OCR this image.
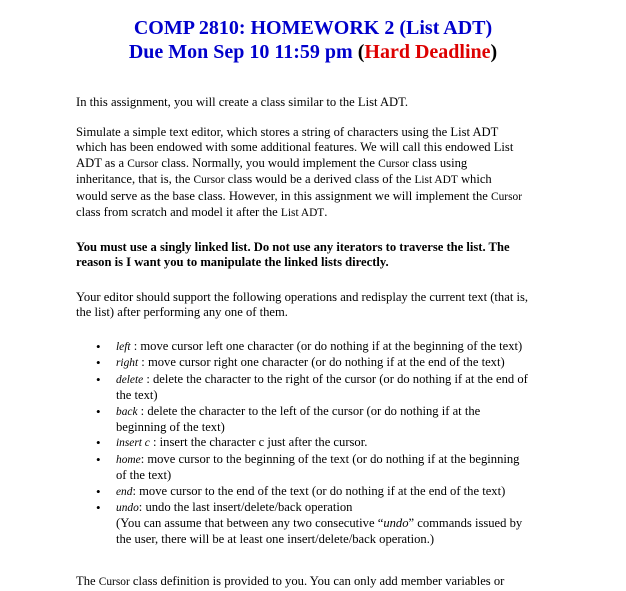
COMP 2810: HOMEWORK 2 (List ADT)
Due Mon Sep 10 11:59 pm (Hard Deadline)

In this assignment, you will create a class similar to the List ADT.

Simulate a simple text editor, which stores a string of characters using the List ADT
which has been endowed with some additional features. We will call this endowed List
ADT as a Cursor class. Normally, you would implement the Cursor class using
inheritance, that is, the Cursor class would be a derived class of the List ADT which
would serve as the base class. However, in this assignment we will implement the Cursor
class from scratch and model it after the List ADT.
You must use a singly linked list. Do not use any iterators to traverse the list. The
reason is I want you to manipulate the linked lists directly.
Your editor should support the following operations and redisplay the current text (that is,
the list) after performing any one of them.
• left : move cursor left one character (or do nothing if at the beginning of the text)
• right : move cursor right one character (or do nothing if at the end of the text)
• delete : delete the character to the right of the cursor (or do nothing if at the end of
the text)
• back : delete the character to the left of the cursor (or do nothing if at the
beginning of the text)
• insert c : insert the character c just after the cursor.
• home: move cursor to the beginning of the text (or do nothing if at the beginning
of the text)
• end: move cursor to the end of the text (or do nothing if at the end of the text)
• undo: undo the last insert/delete/back operation
(You can assume that between any two consecutive “undo” commands issued by
the user, there will be at least one insert/delete/back operation.)
The Cursor class definition is provided to you. You can only add member variables or
